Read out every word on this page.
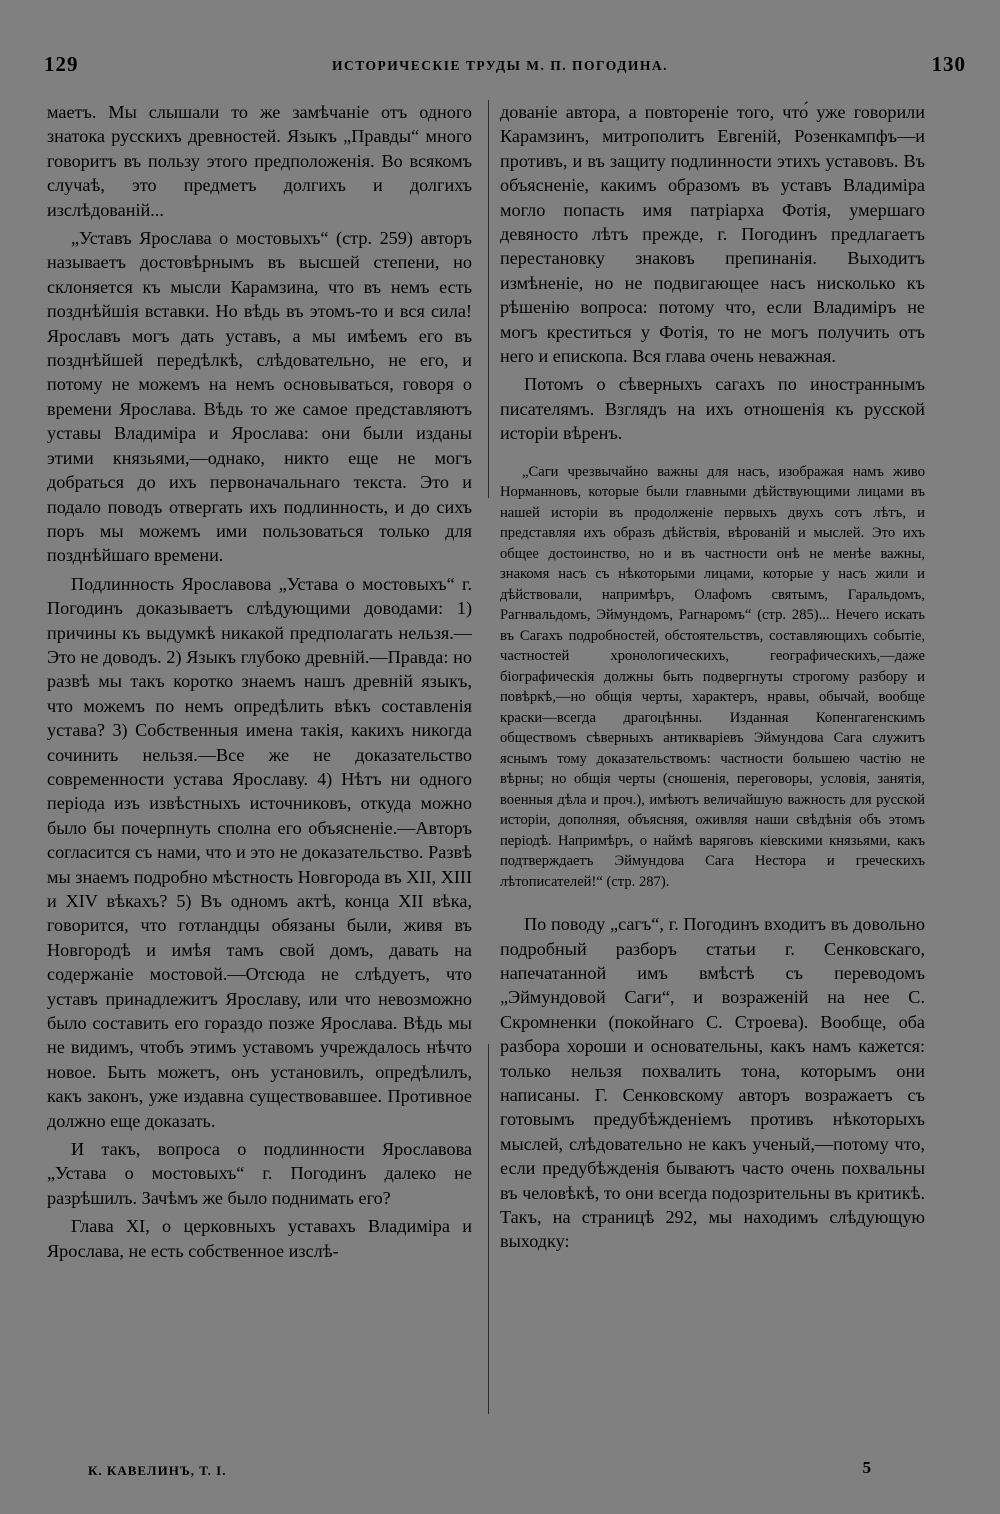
129	ИСТОРИЧЕСКІЕ ТРУДЫ М. П. ПОГОДИНА.	130

маетъ. Мы слышали то же замѣчаніе отъ одного знатока русскихъ древностей. Языкъ „Правды“ много говоритъ въ пользу этого предположенія. Во всякомъ случаѣ, это предметъ долгихъ и долгихъ изслѣдованій...

„Уставъ Ярослава о мостовыхъ“ (стр. 259) авторъ называетъ достовѣрнымъ въ высшей степени, но склоняется къ мысли Карамзина, что въ немъ есть позднѣйшія вставки. Но вѣдь въ этомъ-то и вся сила! Ярославъ могъ дать уставъ, а мы имѣемъ его въ позднѣйшей передѣлкѣ, слѣдовательно, не его, и потому не можемъ на немъ основываться, говоря о времени Ярослава. Вѣдь то же самое представляютъ уставы Владиміра и Ярослава: они были изданы этими князьями,—однако, никто еще не могъ добраться до ихъ первоначальнаго текста. Это и подало поводъ отвергать ихъ подлинность, и до сихъ поръ мы можемъ ими пользоваться только для позднѣйшаго времени.

Подлинность Ярославова „Устава о мостовыхъ“ г. Погодинъ доказываетъ слѣдующими доводами: 1) причины къ выдумкѣ никакой предполагать нельзя.—Это не доводъ. 2) Языкъ глубоко древній.—Правда: но развѣ мы такъ коротко знаемъ нашъ древній языкъ, что можемъ по немъ опредѣлить вѣкъ составленія устава? 3) Собственныя имена такія, какихъ никогда сочинить нельзя.—Все же не доказательство современности устава Ярославу. 4) Нѣтъ ни одного періода изъ извѣстныхъ источниковъ, откуда можно было бы почерпнуть сполна его объясненіе.—Авторъ согласится съ нами, что и это не доказательство. Развѣ мы знаемъ подробно мѣстность Новгорода въ XII, XIII и XIV вѣкахъ? 5) Въ одномъ актѣ, конца XII вѣка, говорится, что готландцы обязаны были, живя въ Новгородѣ и имѣя тамъ свой домъ, давать на содержаніе мостовой.—Отсюда не слѣдуетъ, что уставъ принадлежитъ Ярославу, или что невозможно было составить его гораздо позже Ярослава. Вѣдь мы не видимъ, чтобъ этимъ уставомъ учреждалось нѣчто новое. Быть можетъ, онъ установилъ, опредѣлилъ, какъ законъ, уже издавна существовавшее. Противное должно еще доказать.

И такъ, вопроса о подлинности Ярославова „Устава о мостовыхъ“ г. Погодинъ далеко не разрѣшилъ. Зачѣмъ же было поднимать его?

Глава XI, о церковныхъ уставахъ Владиміра и Ярослава, не есть собственное изслѣ-

дованіе автора, а повтореніе того, что́ уже говорили Карамзинъ, митрополитъ Евгеній, Розенкампфъ—и противъ, и въ защиту подлинности этихъ уставовъ. Въ объясненіе, какимъ образомъ въ уставъ Владиміра могло попасть имя патріарха Фотія, умершаго девяносто лѣтъ прежде, г. Погодинъ предлагаетъ перестановку знаковъ препинанія. Выходитъ измѣненіе, но не подвигающее насъ нисколько къ рѣшенію вопроса: потому что, если Владиміръ не могъ креститься у Фотія, то не могъ получить отъ него и епископа. Вся глава очень неважная.

Потомъ о сѣверныхъ сагахъ по иностраннымъ писателямъ. Взглядъ на ихъ отношенія къ русской исторіи вѣренъ.

„Саги чрезвычайно важны для насъ, изображая намъ живо Норманновъ, которые были главными дѣйствующими лицами въ нашей исторіи въ продолженіе первыхъ двухъ сотъ лѣтъ, и представляя ихъ образъ дѣйствія, вѣрованій и мыслей. Это ихъ общее достоинство, но и въ частности онѣ не менѣе важны, знакомя насъ съ нѣкоторыми лицами, которые у насъ жили и дѣйствовали, напримѣръ, Олафомъ святымъ, Гаральдомъ, Рагнвальдомъ, Эймундомъ, Рагнаромъ“ (стр. 285)... Нечего искать въ Сагахъ подробностей, обстоятельствъ, составляющихъ событіе, частностей хронологическихъ, географическихъ,—даже біографическія должны быть подвергнуты строгому разбору и повѣркѣ,—но общія черты, характеръ, нравы, обычай, вообще краски—всегда драгоцѣнны. Изданная Копенгагенскимъ обществомъ сѣверныхъ антикваріевъ Эймундова Сага служитъ яснымъ тому доказательствомъ: частности большею частію не вѣрны; но общія черты (сношенія, переговоры, условія, занятія, военныя дѣла и проч.), имѣютъ величайшую важность для русской исторіи, дополняя, объясняя, оживляя наши свѣдѣнія объ этомъ періодѣ. Напримѣръ, о наймѣ варяговъ кіевскими князьями, какъ подтверждаетъ Эймундова Сага Нестора и греческихъ лѣтописателей!“ (стр. 287).

По поводу „сагъ“, г. Погодинъ входитъ въ довольно подробный разборъ статьи г. Сенковскаго, напечатанной имъ вмѣстѣ съ переводомъ „Эймундовой Саги“, и возраженій на нее С. Скромненки (покойнаго С. Строева). Вообще, оба разбора хороши и основательны, какъ намъ кажется: только нельзя похвалить тона, которымъ они написаны. Г. Сенковскому авторъ возражаетъ съ готовымъ предубѣжденіемъ противъ нѣкоторыхъ мыслей, слѣдовательно не какъ ученый,—потому что, если предубѣжденія бываютъ часто очень похвальны въ человѣкѣ, то они всегда подозрительны въ критикѣ. Такъ, на страницѣ 292, мы находимъ слѣдующую выходку:

К. КАВЕЛИНЪ, Т. I.	5
